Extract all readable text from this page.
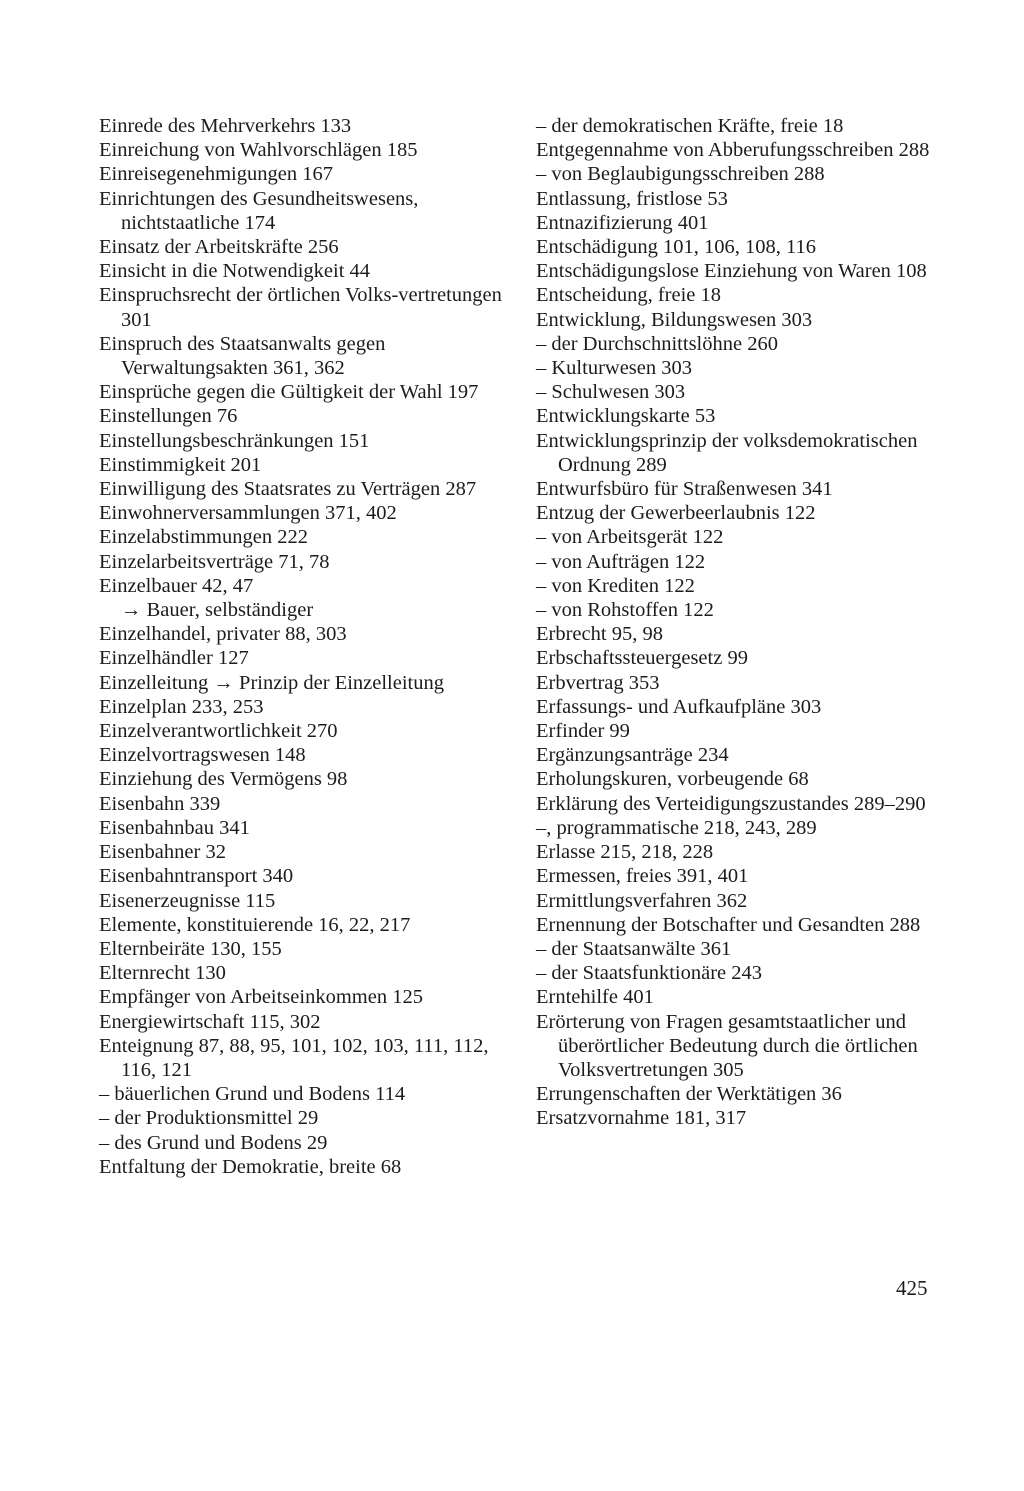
Einrede des Mehrverkehrs 133
Einreichung von Wahlvorschlägen 185
Einreisegenehmigungen 167
Einrichtungen des Gesundheitswesens, nichtstaatliche 174
Einsatz der Arbeitskräfte 256
Einsicht in die Notwendigkeit 44
Einspruchsrecht der örtlichen Volks-vertretungen 301
Einspruch des Staatsanwalts gegen Verwaltungsakten 361, 362
Einsprüche gegen die Gültigkeit der Wahl 197
Einstellungen 76
Einstellungsbeschränkungen 151
Einstimmigkeit 201
Einwilligung des Staatsrates zu Verträgen 287
Einwohnerversammlungen 371, 402
Einzelabstimmungen 222
Einzelarbeitsverträge 71, 78
Einzelbauer 42, 47
→ Bauer, selbständiger
Einzelhandel, privater 88, 303
Einzelhändler 127
Einzelleitung → Prinzip der Einzelleitung
Einzelplan 233, 253
Einzelverantwortlichkeit 270
Einzelvortragswesen 148
Einziehung des Vermögens 98
Eisenbahn 339
Eisenbahnbau 341
Eisenbahner 32
Eisenbahntransport 340
Eisenerzeugnisse 115
Elemente, konstituierende 16, 22, 217
Elternbeiräte 130, 155
Elternrecht 130
Empfänger von Arbeitseinkommen 125
Energiewirtschaft 115, 302
Enteignung 87, 88, 95, 101, 102, 103, 111, 112, 116, 121
– bäuerlichen Grund und Bodens 114
– der Produktionsmittel 29
– des Grund und Bodens 29
Entfaltung der Demokratie, breite 68
– der demokratischen Kräfte, freie 18
Entgegennahme von Abberufungsschreiben 288
– von Beglaubigungsschreiben 288
Entlassung, fristlose 53
Entnazifizierung 401
Entschädigung 101, 106, 108, 116
Entschädigungslose Einziehung von Waren 108
Entscheidung, freie 18
Entwicklung, Bildungswesen 303
– der Durchschnittslöhne 260
– Kulturwesen 303
– Schulwesen 303
Entwicklungskarte 53
Entwicklungsprinzip der volksdemokratischen Ordnung 289
Entwurfsbüro für Straßenwesen 341
Entzug der Gewerbeerlaubnis 122
– von Arbeitsgerät 122
– von Aufträgen 122
– von Krediten 122
– von Rohstoffen 122
Erbrecht 95, 98
Erbschaftssteuergesetz 99
Erbvertrag 353
Erfassungs- und Aufkaufpläne 303
Erfinder 99
Ergänzungsanträge 234
Erholungskuren, vorbeugende 68
Erklärung des Verteidigungszustandes 289–290
–, programmatische 218, 243, 289
Erlasse 215, 218, 228
Ermessen, freies 391, 401
Ermittlungsverfahren 362
Ernennung der Botschafter und Gesandten 288
– der Staatsanwälte 361
– der Staatsfunktionäre 243
Erntehilfe 401
Erörterung von Fragen gesamtstaatlicher und überörtlicher Bedeutung durch die örtlichen Volksvertretungen 305
Errungenschaften der Werktätigen 36
Ersatzvornahme 181, 317
425
